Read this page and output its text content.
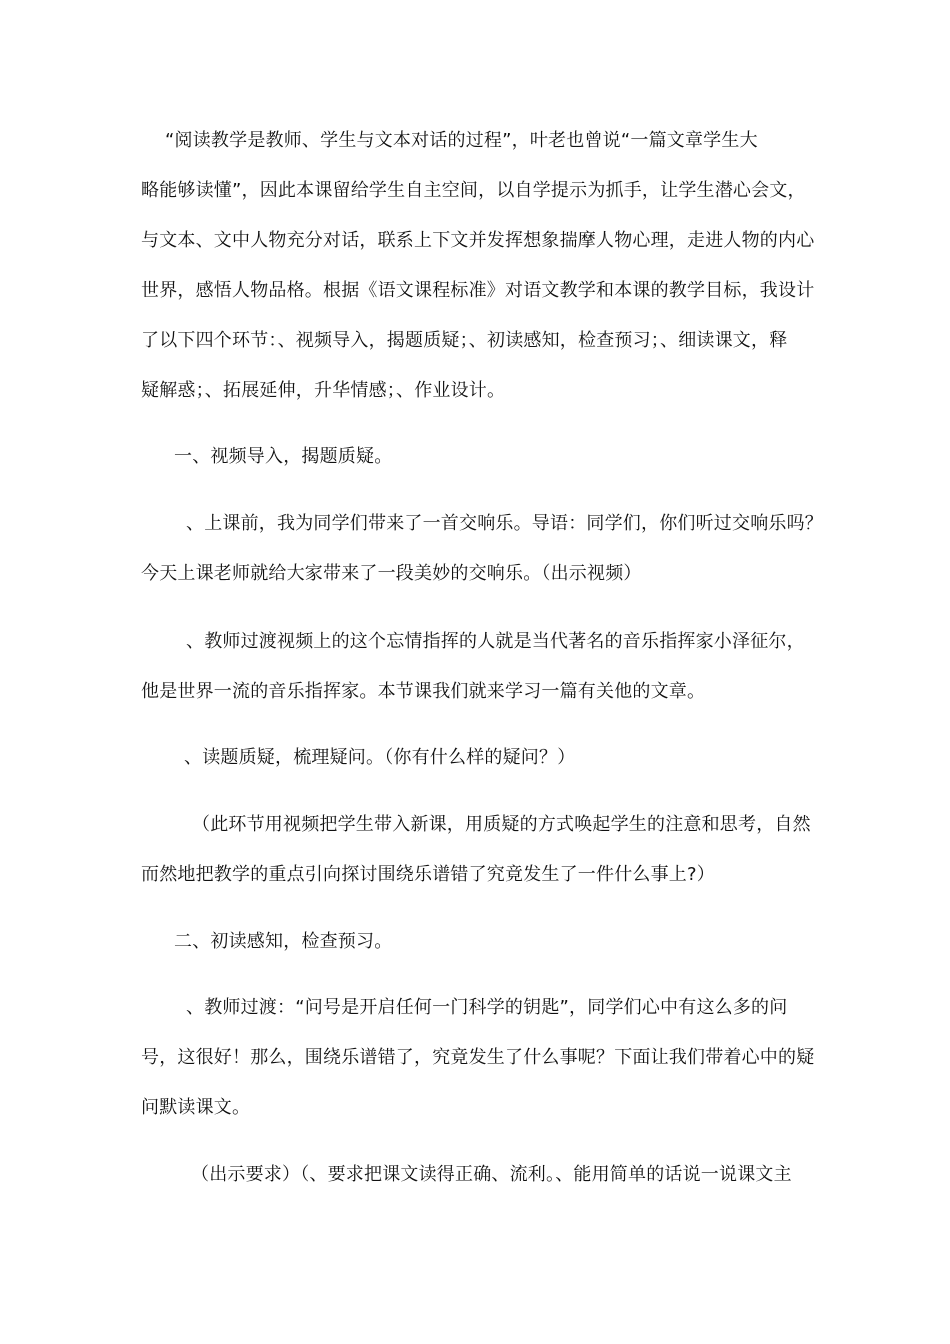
“阅读教学是教师、学生与文本对话的过程”，叶老也曾说“一篇文章学生大
略能够读懂”，因此本课留给学生自主空间，以自学提示为抓手，让学生潜心会文，
与文本、文中人物充分对话，联系上下文并发挥想象揣摩人物心理，走进人物的内心
世界，感悟人物品格。根据《语文课程标准》对语文教学和本课的教学目标，我设计
了以下四个环节：、视频导入，揭题质疑；、初读感知，检查预习；、细读课文，释
疑解惑；、拓展延伸，升华情感；、作业设计。
一、视频导入，揭题质疑。
、上课前，我为同学们带来了一首交响乐。导语：同学们，你们听过交响乐吗？
今天上课老师就给大家带来了一段美妙的交响乐。（出示视频）
、教师过渡视频上的这个忘情指挥的人就是当代著名的音乐指挥家小泽征尔，
他是世界一流的音乐指挥家。本节课我们就来学习一篇有关他的文章。
、读题质疑，梳理疑问。（你有什么样的疑问？）
（此环节用视频把学生带入新课，用质疑的方式唤起学生的注意和思考，自然
而然地把教学的重点引向探讨围绕乐谱错了究竟发生了一件什么事上?）
二、初读感知，检查预习。
、教师过渡：“问号是开启任何一门科学的钥匙”，同学们心中有这么多的问
号，这很好！那么，围绕乐谱错了，究竟发生了什么事呢？下面让我们带着心中的疑
问默读课文。
（出示要求）（、要求把课文读得正确、流利。、能用简单的话说一说课文主
